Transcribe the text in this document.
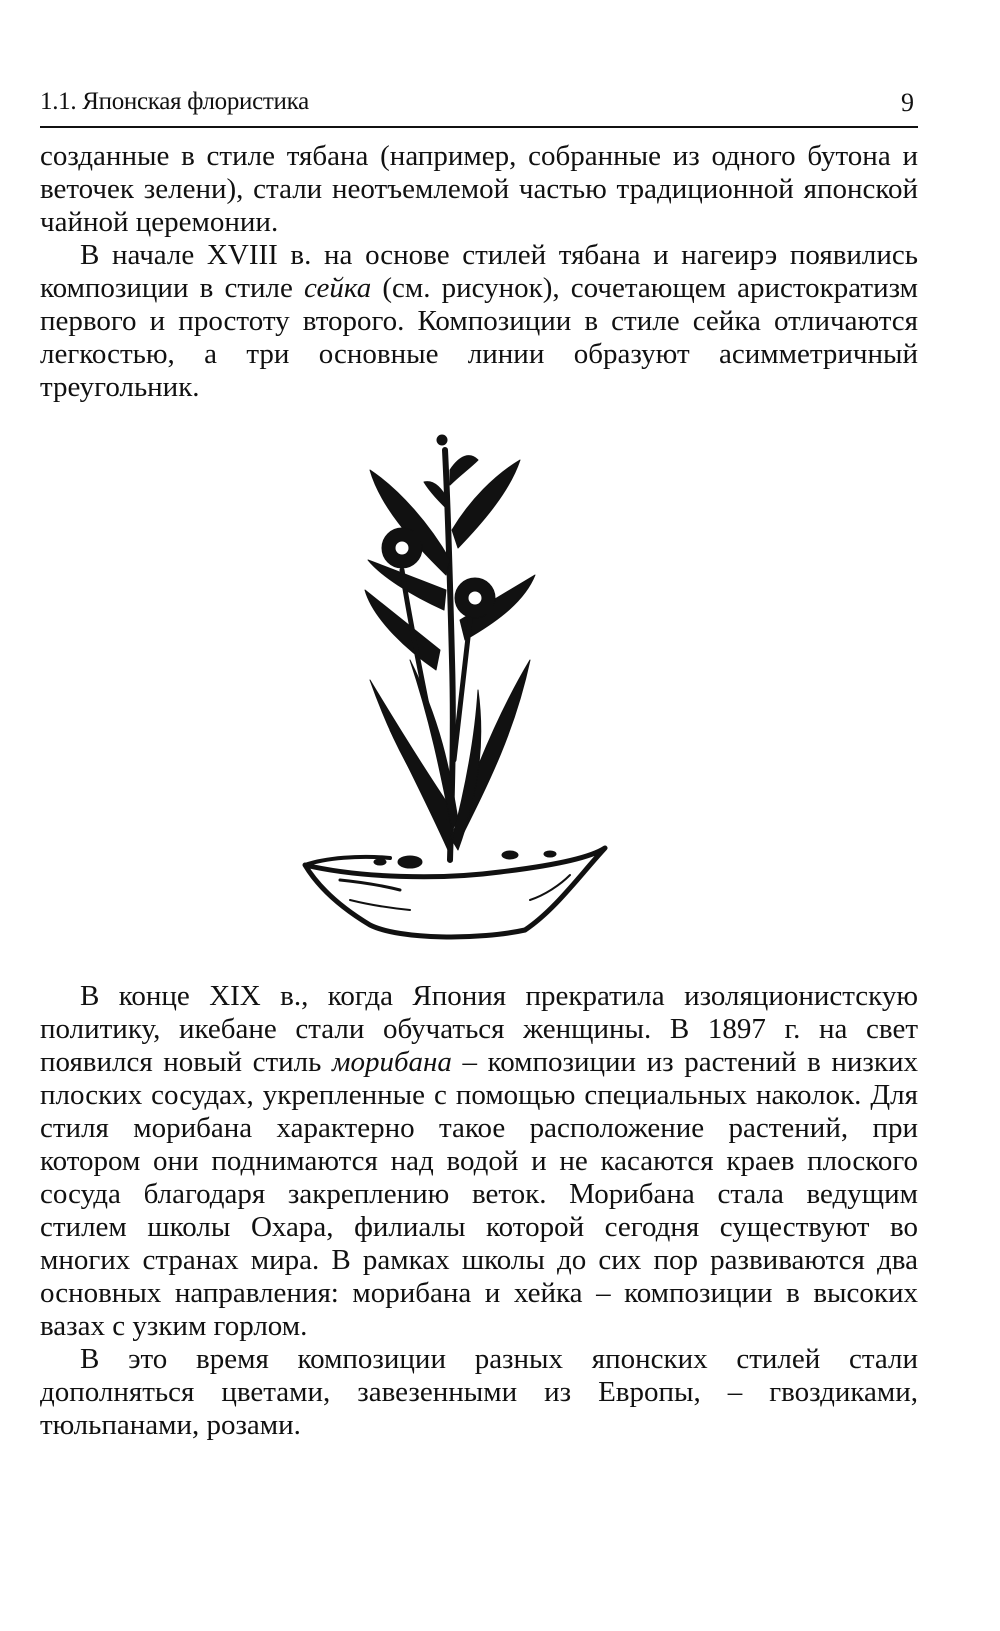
1.1. Японская флористика	9

созданные в стиле тябана (например, собранные из одного бутона и веточек зелени), стали неотъемлемой частью традиционной японской чайной церемонии.

В начале XVIII в. на основе стилей тябана и нагеирэ появились композиции в стиле сейка (см. рисунок), сочетающем аристократизм первого и простоту второго. Композиции в стиле сейка отличаются легкостью, а три основные линии образуют асимметричный треугольник.

В конце XIX в., когда Япония прекратила изоляционистскую политику, икебане стали обучаться женщины. В 1897 г. на свет появился новый стиль морибана – композиции из растений в низких плоских сосудах, укрепленные с помощью специальных наколок. Для стиля морибана характерно такое расположение растений, при котором они поднимаются над водой и не касаются краев плоского сосуда благодаря закреплению веток. Морибана стала ведущим стилем школы Охара, филиалы которой сегодня существуют во многих странах мира. В рамках школы до сих пор развиваются два основных направления: морибана и хейка – композиции в высоких вазах с узким горлом.

В это время композиции разных японских стилей стали дополняться цветами, завезенными из Европы, – гвоздиками, тюльпанами, розами.
